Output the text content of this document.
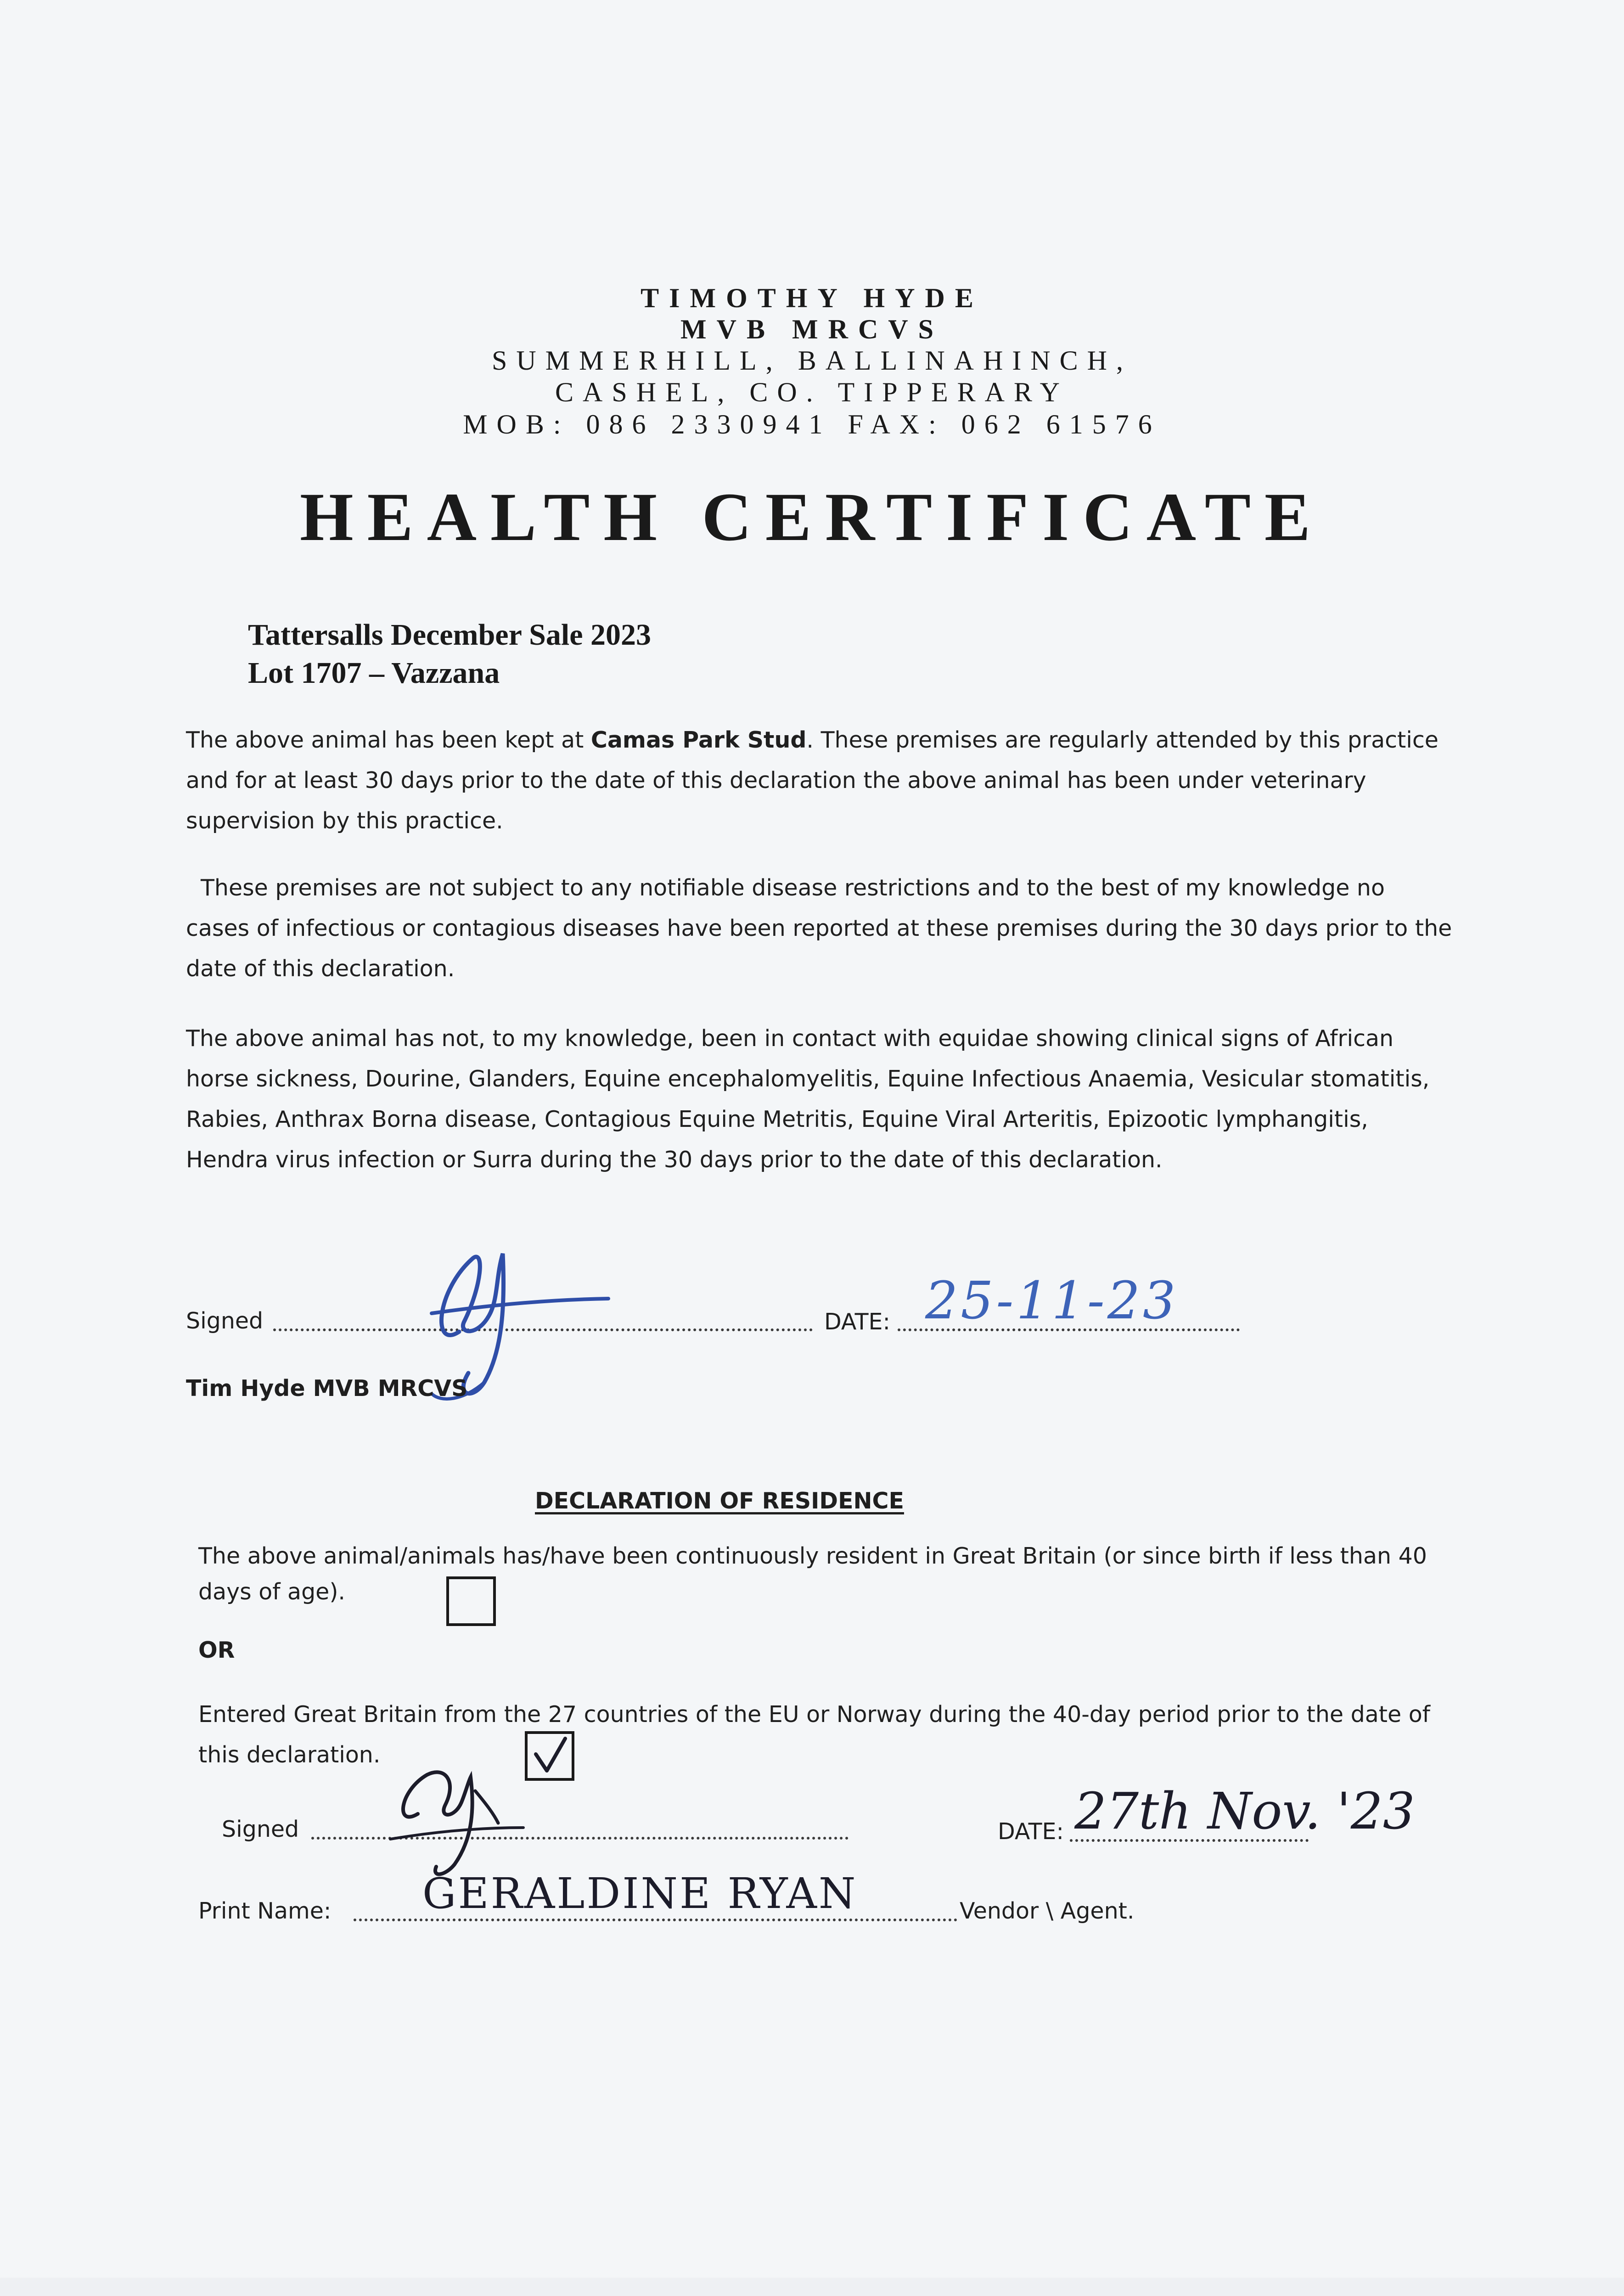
TIMOTHY HYDE
MVB MRCVS
SUMMERHILL, BALLINAHINCH,
CASHEL, CO. TIPPERARY
MOB: 086 2330941 FAX: 062 61576
HEALTH CERTIFICATE
Tattersalls December Sale 2023
Lot 1707 – Vazzana
The above animal has been kept at Camas Park Stud. These premises are regularly attended by this practice and for at least 30 days prior to the date of this declaration the above animal has been under veterinary supervision by this practice.
These premises are not subject to any notifiable disease restrictions and to the best of my knowledge no cases of infectious or contagious diseases have been reported at these premises during the 30 days prior to the date of this declaration.
The above animal has not, to my knowledge, been in contact with equidae showing clinical signs of African horse sickness, Dourine, Glanders, Equine encephalomyelitis, Equine Infectious Anaemia, Vesicular stomatitis, Rabies, Anthrax Borna disease, Contagious Equine Metritis, Equine Viral Arteritis, Epizootic lymphangitis, Hendra virus infection or Surra during the 30 days prior to the date of this declaration.
Signed	DATE: 25-11-23
Tim Hyde MVB MRCVS
DECLARATION OF RESIDENCE
The above animal/animals has/have been continuously resident in Great Britain (or since birth if less than 40 days of age).
OR
Entered Great Britain from the 27 countries of the EU or Norway during the 40-day period prior to the date of this declaration.
Signed	DATE: 27th Nov. '23
Print Name: GERALDINE RYAN	Vendor \ Agent.
